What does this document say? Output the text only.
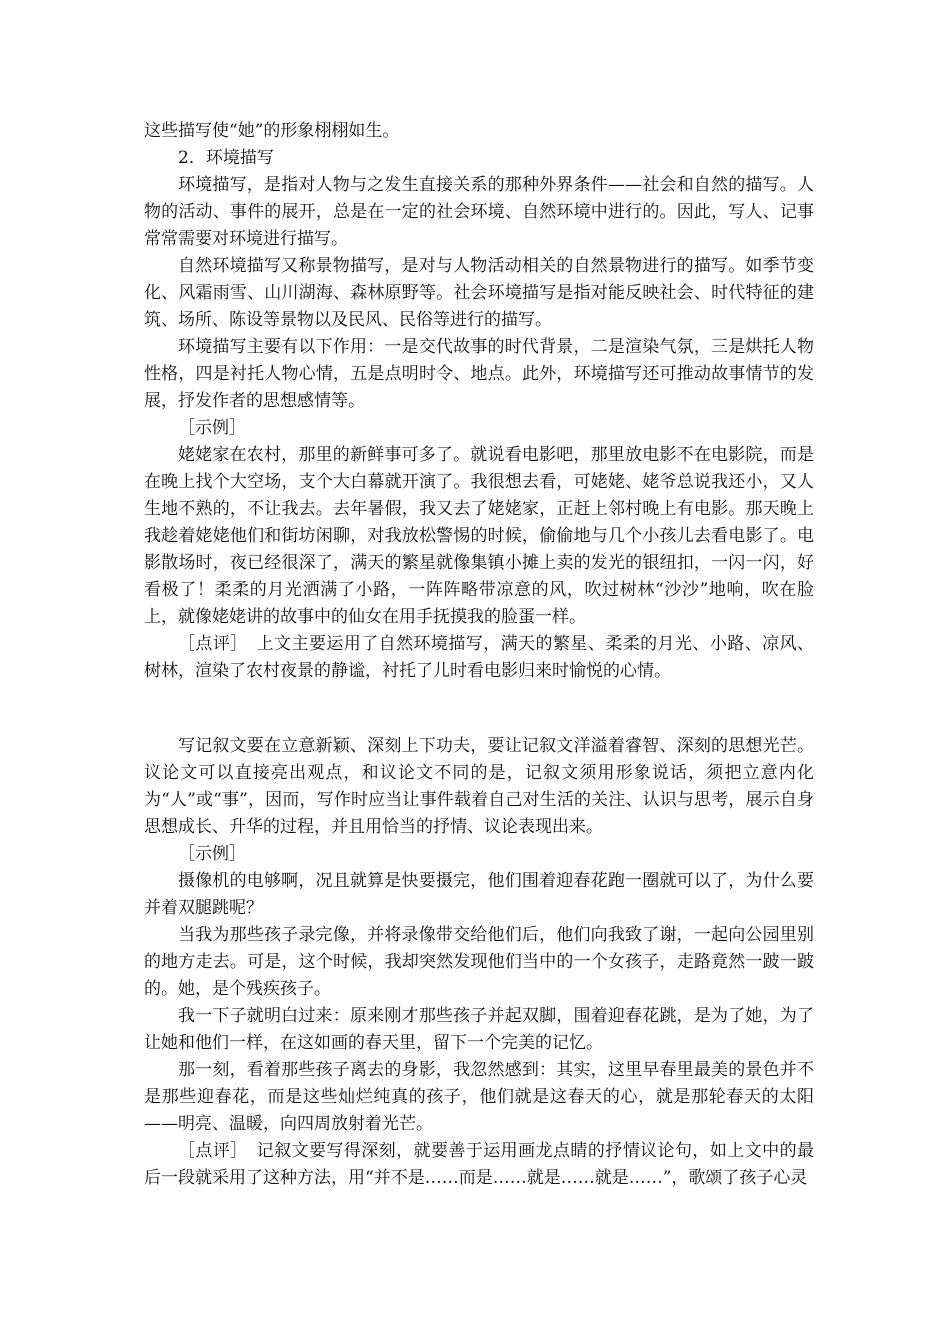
这些描写使“她”的形象栩栩如生。

2．环境描写

环境描写，是指对人物与之发生直接关系的那种外界条件——社会和自然的描写。人物的活动、事件的展开，总是在一定的社会环境、自然环境中进行的。因此，写人、记事常常需要对环境进行描写。

自然环境描写又称景物描写，是对与人物活动相关的自然景物进行的描写。如季节变化、风霜雨雪、山川湖海、森林原野等。社会环境描写是指对能反映社会、时代特征的建筑、场所、陈设等景物以及民风、民俗等进行的描写。

环境描写主要有以下作用：一是交代故事的时代背景，二是渲染气氛，三是烘托人物性格，四是衬托人物心情，五是点明时令、地点。此外，环境描写还可推动故事情节的发展，抒发作者的思想感情等。

［示例］

姥姥家在农村，那里的新鲜事可多了。就说看电影吧，那里放电影不在电影院，而是在晚上找个大空场，支个大白幕就开演了。我很想去看，可姥姥、姥爷总说我还小，又人生地不熟的，不让我去。去年暑假，我又去了姥姥家，正赶上邻村晚上有电影。那天晚上我趁着姥姥他们和街坊闲聊，对我放松警惕的时候，偷偷地与几个小孩儿去看电影了。电影散场时，夜已经很深了，满天的繁星就像集镇小摊上卖的发光的银纽扣，一闪一闪，好看极了！柔柔的月光洒满了小路，一阵阵略带凉意的风，吹过树林“沙沙”地响，吹在脸上，就像姥姥讲的故事中的仙女在用手抚摸我的脸蛋一样。

［点评］　上文主要运用了自然环境描写，满天的繁星、柔柔的月光、小路、凉风、树林，渲染了农村夜景的静谧，衬托了儿时看电影归来时愉悦的心情。

写记叙文要在立意新颖、深刻上下功夫，要让记叙文洋溢着睿智、深刻的思想光芒。议论文可以直接亮出观点，和议论文不同的是，记叙文须用形象说话，须把立意内化为“人”或“事”，因而，写作时应当让事件载着自己对生活的关注、认识与思考，展示自身思想成长、升华的过程，并且用恰当的抒情、议论表现出来。

［示例］

摄像机的电够啊，况且就算是快要摄完，他们围着迎春花跑一圈就可以了，为什么要并着双腿跳呢？

当我为那些孩子录完像，并将录像带交给他们后，他们向我致了谢，一起向公园里别的地方走去。可是，这个时候，我却突然发现他们当中的一个女孩子，走路竟然一跛一跛的。她，是个残疾孩子。

我一下子就明白过来：原来刚才那些孩子并起双脚，围着迎春花跳，是为了她，为了让她和他们一样，在这如画的春天里，留下一个完美的记忆。

那一刻，看着那些孩子离去的身影，我忽然感到：其实，这里早春里最美的景色并不是那些迎春花，而是这些灿烂纯真的孩子，他们就是这春天的心，就是那轮春天的太阳——明亮、温暖，向四周放射着光芒。

［点评］　记叙文要写得深刻，就要善于运用画龙点睛的抒情议论句，如上文中的最后一段就采用了这种方法，用“并不是……而是……就是……就是……”，歌颂了孩子心灵
